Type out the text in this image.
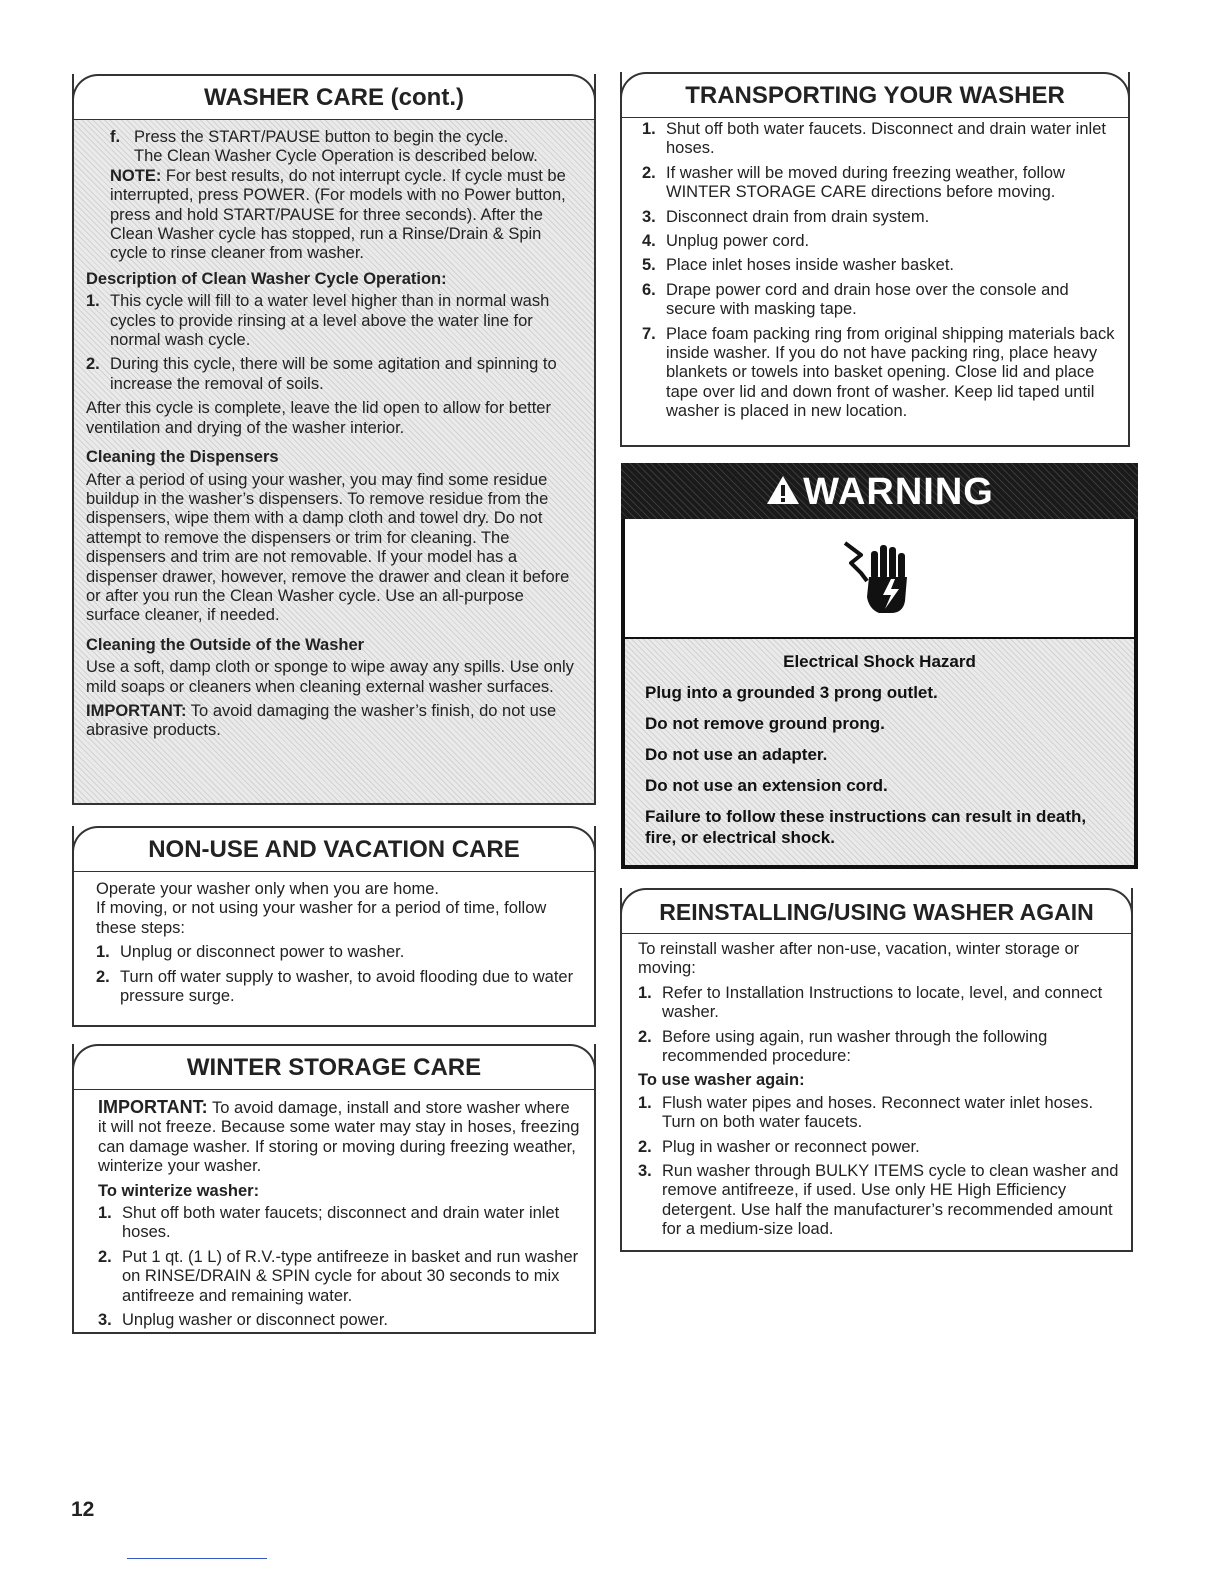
WASHER CARE (cont.)
f. Press the START/PAUSE button to begin the cycle.
The Clean Washer Cycle Operation is described below.

NOTE: For best results, do not interrupt cycle. If cycle must be interrupted, press POWER. (For models with no Power button, press and hold START/PAUSE for three seconds). After the Clean Washer cycle has stopped, run a Rinse/Drain & Spin cycle to rinse cleaner from washer.

Description of Clean Washer Cycle Operation:
1. This cycle will fill to a water level higher than in normal wash cycles to provide rinsing at a level above the water line for normal wash cycle.
2. During this cycle, there will be some agitation and spinning to increase the removal of soils.

After this cycle is complete, leave the lid open to allow for better ventilation and drying of the washer interior.

Cleaning the Dispensers

After a period of using your washer, you may find some residue buildup in the washer’s dispensers. To remove residue from the dispensers, wipe them with a damp cloth and towel dry. Do not attempt to remove the dispensers or trim for cleaning. The dispensers and trim are not removable. If your model has a dispenser drawer, however, remove the drawer and clean it before or after you run the Clean Washer cycle. Use an all-purpose surface cleaner, if needed.

Cleaning the Outside of the Washer

Use a soft, damp cloth or sponge to wipe away any spills. Use only mild soaps or cleaners when cleaning external washer surfaces.

IMPORTANT: To avoid damaging the washer’s finish, do not use abrasive products.

NON-USE AND VACATION CARE
Operate your washer only when you are home.

If moving, or not using your washer for a period of time, follow these steps:

1. Unplug or disconnect power to washer.
2. Turn off water supply to washer, to avoid flooding due to water pressure surge.
WINTER STORAGE CARE

IMPORTANT: To avoid damage, install and store washer where it will not freeze. Because some water may stay in hoses, freezing can damage washer. If storing or moving during freezing weather, winterize your washer.

To winterize washer:
1. Shut off both water faucets; disconnect and drain water inlet hoses.
2. Put 1 qt. (1 L) of R.V.-type antifreeze in basket and run washer on RINSE/DRAIN & SPIN cycle for about 30 seconds to mix antifreeze and remaining water.
3. Unplug washer or disconnect power.
TRANSPORTING YOUR WASHER
1. Shut off both water faucets. Disconnect and drain water inlet hoses.
2. If washer will be moved during freezing weather, follow WINTER STORAGE CARE directions before moving.
3. Disconnect drain from drain system.
4. Unplug power cord.
5. Place inlet hoses inside washer basket.
6. Drape power cord and drain hose over the console and secure with masking tape.
7. Place foam packing ring from original shipping materials back inside washer. If you do not have packing ring, place heavy blankets or towels into basket opening. Close lid and place tape over lid and down front of washer. Keep lid taped until washer is placed in new location.
WARNING

Electrical Shock Hazard

Plug into a grounded 3 prong outlet.

Do not remove ground prong.

Do not use an adapter.

Do not use an extension cord.

Failure to follow these instructions can result in death, fire, or electrical shock.

REINSTALLING/USING WASHER AGAIN

To reinstall washer after non-use, vacation, winter storage or moving:

1. Refer to Installation Instructions to locate, level, and connect washer.
2. Before using again, run washer through the following recommended procedure:
To use washer again:
1. Flush water pipes and hoses. Reconnect water inlet hoses. Turn on both water faucets.
2. Plug in washer or reconnect power.
3. Run washer through BULKY ITEMS cycle to clean washer and remove antifreeze, if used. Use only HE High Efficiency detergent. Use half the manufacturer’s recommended amount for a medium-size load.
12
